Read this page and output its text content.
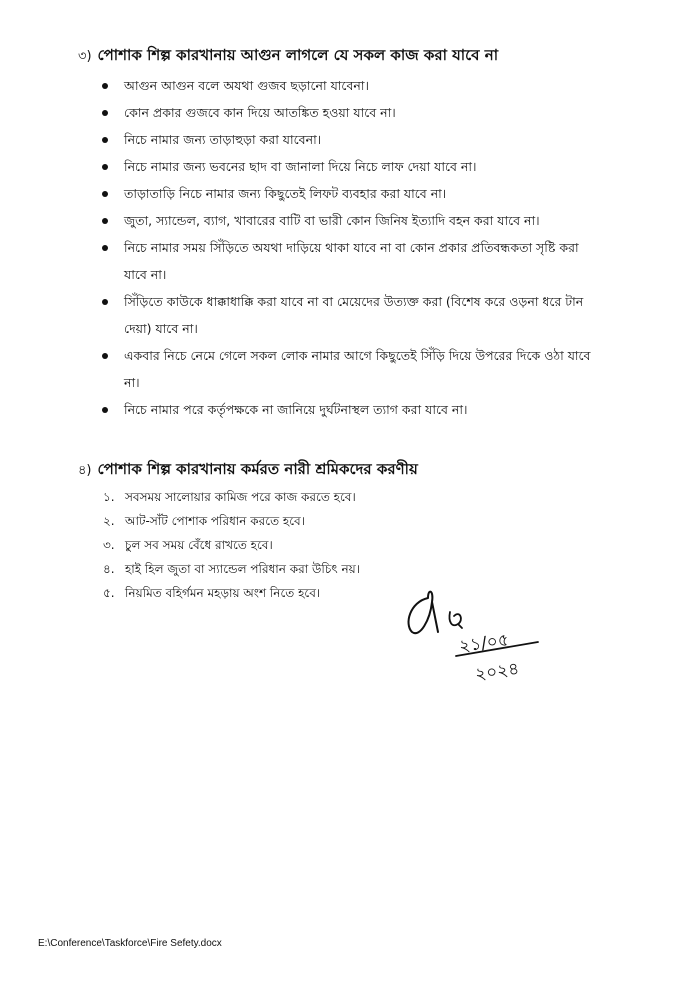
৩) পোশাক শিল্প কারখানায় আগুন লাগলে যে সকল কাজ করা যাবে না
আগুন আগুন বলে অযথা গুজব ছড়ানো যাবেনা।
কোন প্রকার গুজবে কান দিয়ে আতঙ্কিত হওয়া যাবে না।
নিচে নামার জন্য তাড়াহুড়া করা যাবেনা।
নিচে নামার জন্য ভবনের ছাদ বা জানালা দিয়ে নিচে লাফ দেয়া যাবে না।
তাড়াতাড়ি নিচে নামার জন্য কিছুতেই লিফট ব্যবহার করা যাবে না।
জুতা, স্যান্ডেল, ব্যাগ, খাবারের বাটি বা ভারী কোন জিনিষ ইত্যাদি বহন করা যাবে না।
নিচে নামার সময় সিঁড়িতে অযথা দাড়িয়ে থাকা যাবে না বা কোন প্রকার প্রতিবন্ধকতা সৃষ্টি করা যাবে না।
সিঁড়িতে কাউকে ধাক্কাধাক্কি করা যাবে না বা মেয়েদের উত্যক্ত করা (বিশেষ করে ওড়না ধরে টান দেয়া) যাবে না।
একবার নিচে নেমে গেলে সকল লোক নামার আগে কিছুতেই সিঁড়ি দিয়ে উপরের দিকে ওঠা যাবে না।
নিচে নামার পরে কর্তৃপক্ষকে না জানিয়ে দুর্ঘটনাস্থল ত্যাগ করা যাবে না।
৪) পোশাক শিল্প কারখানায় কর্মরত নারী শ্রমিকদের করণীয়
১. সবসময় সালোয়ার কামিজ পরে কাজ করতে হবে।
২. আট-সাঁট পোশাক পরিধান করতে হবে।
৩. চুল সব সময় বেঁধে রাখতে হবে।
৪. হাই হিল জুতা বা স্যান্ডেল পরিধান করা উচিৎ নয়।
৫. নিয়মিত বহির্গমন মহড়ায় অংশ নিতে হবে।
২১/০৫
২০২৪
E:\Conference\Taskforce\Fire Sefety.docx
